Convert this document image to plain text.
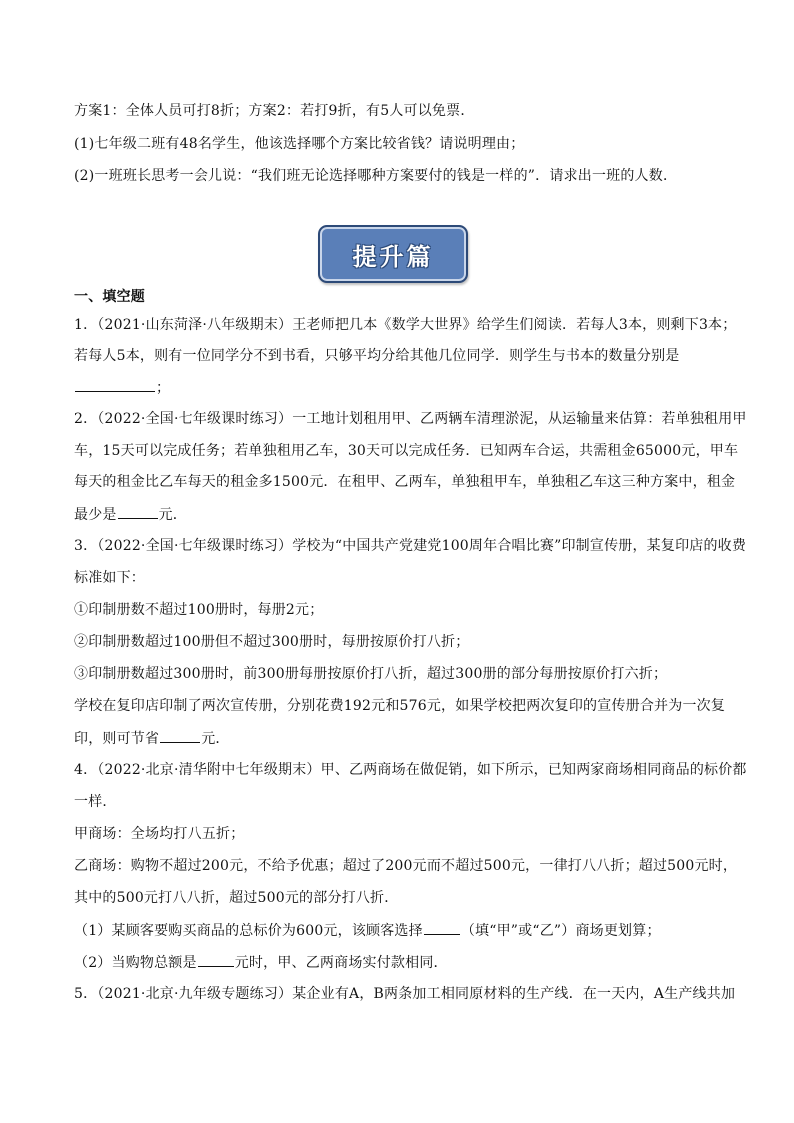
方案1：全体人员可打8折；方案2：若打9折，有5人可以免票．
(1)七年级二班有48名学生，他该选择哪个方案比较省钱？请说明理由；
(2)一班班长思考一会儿说：“我们班无论选择哪种方案要付的钱是一样的”．请求出一班的人数．
提升篇
一、填空题
1．（2021·山东菏泽·八年级期末）王老师把几本《数学大世界》给学生们阅读．若每人3本，则剩下3本；
若每人5本，则有一位同学分不到书看，只够平均分给其他几位同学．则学生与书本的数量分别是
；
2．（2022·全国·七年级课时练习）一工地计划租用甲、乙两辆车清理淤泥，从运输量来估算：若单独租用甲
车，15天可以完成任务；若单独租用乙车，30天可以完成任务．已知两车合运，共需租金65000元，甲车
每天的租金比乙车每天的租金多1500元．在租甲、乙两车，单独租甲车，单独租乙车这三种方案中，租金
最少是	元．
3．（2022·全国·七年级课时练习）学校为“中国共产党建党100周年合唱比赛”印制宣传册，某复印店的收费
标准如下：
①印制册数不超过100册时，每册2元；
②印制册数超过100册但不超过300册时，每册按原价打八折；
③印制册数超过300册时，前300册每册按原价打八折，超过300册的部分每册按原价打六折；
学校在复印店印制了两次宣传册，分别花费192元和576元，如果学校把两次复印的宣传册合并为一次复
印，则可节省	元．
4．（2022·北京·清华附中七年级期末）甲、乙两商场在做促销，如下所示，已知两家商场相同商品的标价都
一样．
甲商场：全场均打八五折；
乙商场：购物不超过200元，不给予优惠；超过了200元而不超过500元，一律打八八折；超过500元时，
其中的500元打八八折，超过500元的部分打八折．
（1）某顾客要购买商品的总标价为600元，该顾客选择	（填“甲”或“乙”）商场更划算；
（2）当购物总额是	元时，甲、乙两商场实付款相同．
5．（2021·北京·九年级专题练习）某企业有A，B两条加工相同原材料的生产线．在一天内，A生产线共加
